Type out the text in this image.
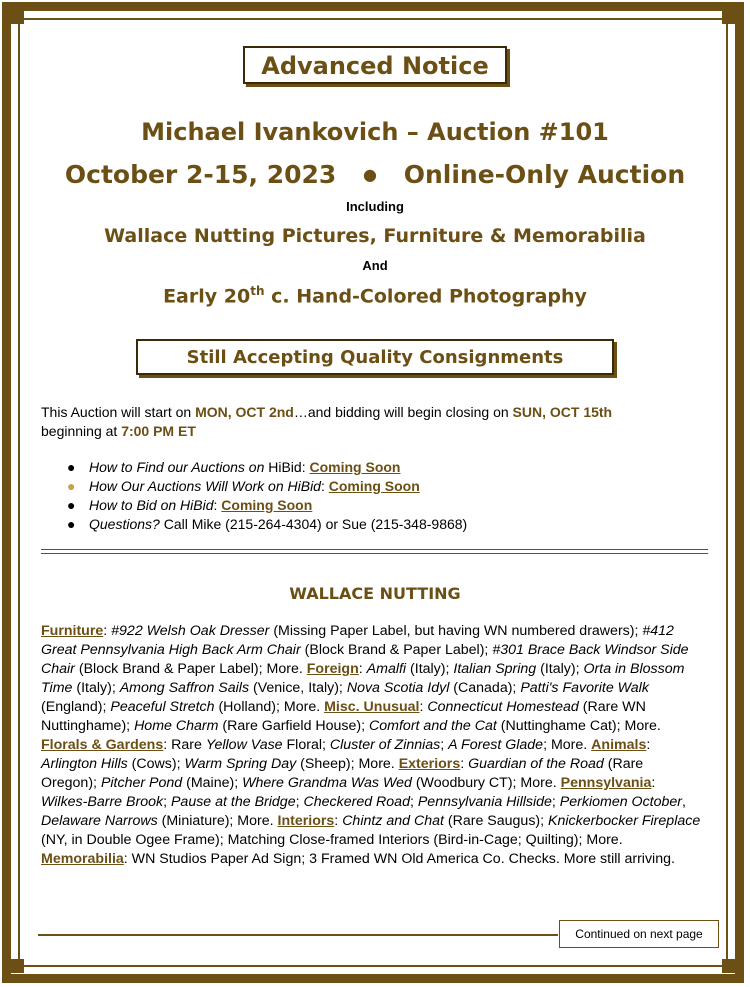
Advanced Notice
Michael Ivankovich – Auction #101
October 2-15, 2023 ● Online-Only Auction
Including
Wallace Nutting Pictures, Furniture & Memorabilia
And
Early 20th c. Hand-Colored Photography
Still Accepting Quality Consignments
This Auction will start on MON, OCT 2nd…and bidding will begin closing on SUN, OCT 15th
beginning at 7:00 PM ET
● How to Find our Auctions on HiBid: Coming Soon
● How Our Auctions Will Work on HiBid: Coming Soon
● How to Bid on HiBid: Coming Soon
● Questions? Call Mike (215-264-4304) or Sue (215-348-9868)
WALLACE NUTTING
Furniture: #922 Welsh Oak Dresser (Missing Paper Label, but having WN numbered drawers); #412 Great Pennsylvania High Back Arm Chair (Block Brand & Paper Label); #301 Brace Back Windsor Side Chair (Block Brand & Paper Label); More. Foreign: Amalfi (Italy); Italian Spring (Italy); Orta in Blossom Time (Italy); Among Saffron Sails (Venice, Italy); Nova Scotia Idyl (Canada); Patti's Favorite Walk (England); Peaceful Stretch (Holland); More. Misc. Unusual: Connecticut Homestead (Rare WN Nuttinghame); Home Charm (Rare Garfield House); Comfort and the Cat (Nuttinghame Cat); More. Florals & Gardens: Rare Yellow Vase Floral; Cluster of Zinnias; A Forest Glade; More. Animals: Arlington Hills (Cows); Warm Spring Day (Sheep); More. Exteriors: Guardian of the Road (Rare Oregon); Pitcher Pond (Maine); Where Grandma Was Wed (Woodbury CT); More. Pennsylvania: Wilkes-Barre Brook; Pause at the Bridge; Checkered Road; Pennsylvania Hillside; Perkiomen October, Delaware Narrows (Miniature); More. Interiors: Chintz and Chat (Rare Saugus); Knickerbocker Fireplace (NY, in Double Ogee Frame); Matching Close-framed Interiors (Bird-in-Cage; Quilting); More. Memorabilia: WN Studios Paper Ad Sign; 3 Framed WN Old America Co. Checks. More still arriving.
Continued on next page
